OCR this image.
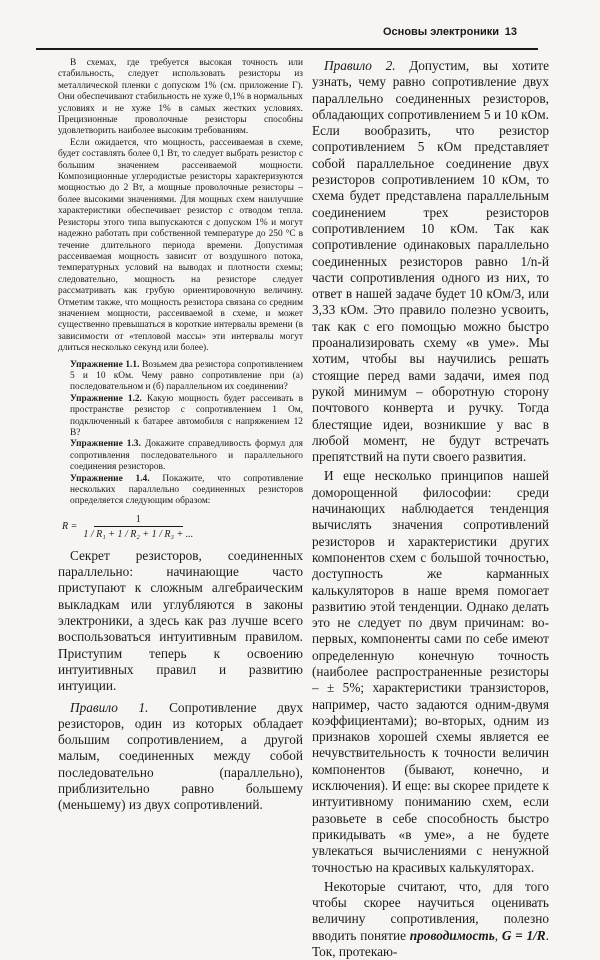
Основы электроники 13

В схемах, где требуется высокая точность или стабильность, следует использовать резисторы из металлической пленки с допуском 1% (см. приложение Г). Они обеспечивают стабильность не хуже 0,1% в нормальных условиях и не хуже 1% в самых жестких условиях. Прецизионные проволочные резисторы способны удовлетворить наиболее высоким требованиям.

Если ожидается, что мощность, рассеиваемая в схеме, будет составлять более 0,1 Вт, то следует выбрать резистор с большим значением рассеиваемой мощности. Композиционные углеродистые резисторы характеризуются мощностью до 2 Вт, а мощные проволочные резисторы – более высокими значениями. Для мощных схем наилучшие характеристики обеспечивает резистор с отводом тепла. Резисторы этого типа выпускаются с допуском 1% и могут надежно работать при собственной температуре до 250 °С в течение длительного периода времени. Допустимая рассеиваемая мощность зависит от воздушного потока, температурных условий на выводах и плотности схемы; следовательно, мощность на резисторе следует рассматривать как грубую ориентировочную величину. Отметим также, что мощность резистора связана со средним значением мощности, рассеиваемой в схеме, и может существенно превышаться в короткие интервалы времени (в зависимости от «тепловой массы» эти интервалы могут длиться несколько секунд или более).

Упражнение 1.1. Возьмем два резистора сопротивлением 5 и 10 кОм. Чему равно сопротивление при (а) последовательном и (б) параллельном их соединении?

Упражнение 1.2. Какую мощность будет рассеивать в пространстве резистор с сопротивлением 1 Ом, подключенный к батарее автомобиля с напряжением 12 В?

Упражнение 1.3. Докажите справедливость формул для сопротивления последовательного и параллельного соединения резисторов.

Упражнение 1.4. Покажите, что сопротивление нескольких параллельно соединенных резисторов определяется следующим образом:

$R = \frac{1}{\text{1 / R₁ + 1 / R₂ + 1 / R₃ + ...}}$

Секрет резисторов, соединенных параллельно: начинающие часто приступают к сложным алгебраическим выкладкам или углубляются в законы электроники, а здесь как раз лучше всего воспользоваться интуитивным правилом. Приступим теперь к освоению интуитивных правил и развитию интуиции.

Правило 1. Сопротивление двух резисторов, один из которых обладает большим сопротивлением, а другой малым, соединенных между собой последовательно (параллельно), приблизительно равно большему (меньшему) из двух сопротивлений.

Правило 2. Допустим, вы хотите узнать, чему равно сопротивление двух параллельно соединенных резисторов, обладающих сопротивлением 5 и 10 кОм. Если вообразить, что резистор сопротивлением 5 кОм представляет собой параллельное соединение двух резисторов сопротивлением 10 кОм, то схема будет представлена параллельным соединением трех резисторов сопротивлением 10 кОм. Так как сопротивление одинаковых параллельно соединенных резисторов равно 1/n-й части сопротивления одного из них, то ответ в нашей задаче будет 10 кОм/3, или 3,33 кОм. Это правило полезно усвоить, так как с его помощью можно быстро проанализировать схему «в уме». Мы хотим, чтобы вы научились решать стоящие перед вами задачи, имея под рукой минимум – оборотную сторону почтового конверта и ручку. Тогда блестящие идеи, возникшие у вас в любой момент, не будут встречать препятствий на пути своего развития.

И еще несколько принципов нашей доморощенной философии: среди начинающих наблюдается тенденция вычислять значения сопротивлений резисторов и характеристики других компонентов схем с большой точностью, доступность же карманных калькуляторов в наше время помогает развитию этой тенденции. Однако делать это не следует по двум причинам: во-первых, компоненты сами по себе имеют определенную конечную точность (наиболее распространенные резисторы – ± 5%; характеристики транзисторов, например, часто задаются одним-двумя коэффициентами); во-вторых, одним из признаков хорошей схемы является ее нечувствительность к точности величин компонентов (бывают, конечно, и исключения). И еще: вы скорее придете к интуитивному пониманию схем, если разовьете в себе способность быстро прикидывать «в уме», а не будете увлекаться вычислениями с ненужной точностью на красивых калькуляторах.

Некоторые считают, что, для того чтобы скорее научиться оценивать величину сопротивления, полезно вводить понятие проводимость, G = 1/R. Ток, протекаю-
